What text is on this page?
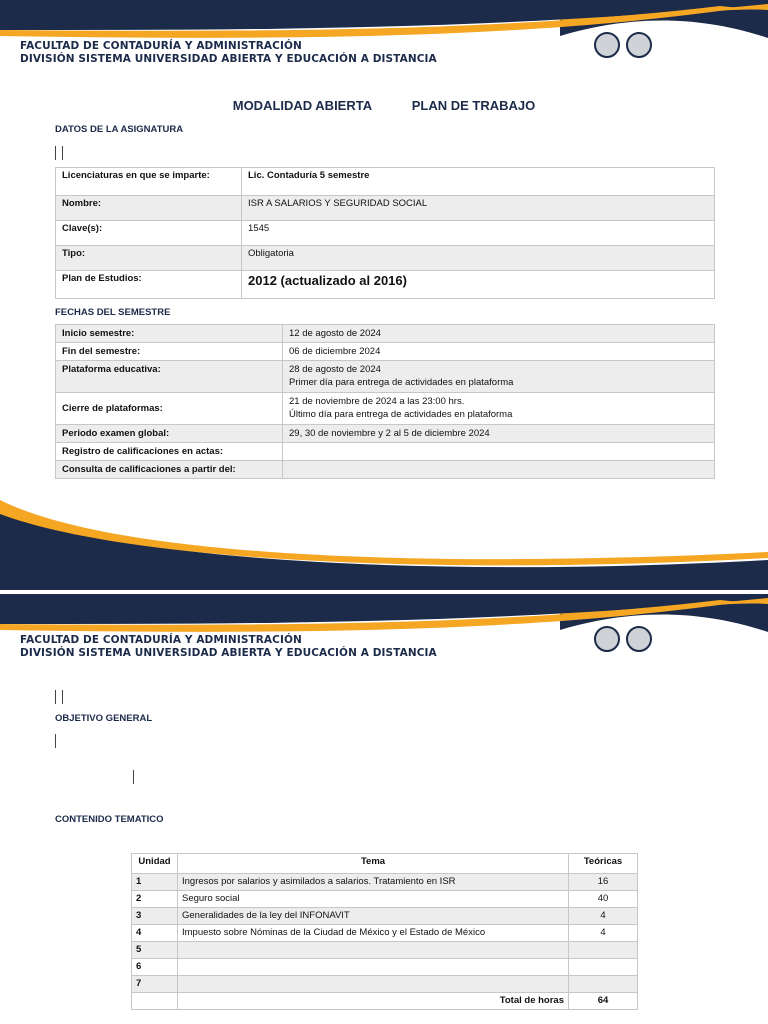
FACULTAD DE CONTADURÍA Y ADMINISTRACIÓN
DIVISIÓN SISTEMA UNIVERSIDAD ABIERTA Y EDUCACIÓN A DISTANCIA
SUAYED
MODALIDAD ABIERTA	PLAN DE TRABAJO
DATOS DE LA ASIGNATURA
Licenciaturas en que se imparte:	Lic. Contaduría 5 semestre
Nombre:	ISR A SALARIOS Y SEGURIDAD SOCIAL
Clave(s):	1545
Tipo:	Obligatoria
Plan de Estudios:	2012 (actualizado al 2016)
FECHAS DEL SEMESTRE
Inicio semestre:	12 de agosto de 2024
Fin del semestre:	06 de diciembre 2024
Plataforma educativa:	28 de agosto de 2024
Primer día para entrega de actividades en plataforma

Cierre de plataformas:	21 de noviembre de 2024 a las 23:00 hrs.
Último día para entrega de actividades en plataforma

Periodo examen global:	29, 30 de noviembre y 2 al 5 de diciembre 2024
Registro de calificaciones en actas:	
Consulta de calificaciones a partir del:	
FACULTAD DE CONTADURÍA Y ADMINISTRACIÓN
DIVISIÓN SISTEMA UNIVERSIDAD ABIERTA Y EDUCACIÓN A DISTANCIA
SUAYED
OBJETIVO GENERAL
CONTENIDO TEMATICO
Unidad	Tema	Teóricas
1	Ingresos por salarios y asimilados a salarios. Tratamiento en ISR	16
2	Seguro social	40
3	Generalidades de la ley del INFONAVIT	4
4	Impuesto sobre Nóminas de la Ciudad de México y el Estado de México	4
5		
6		
7		
	Total de horas	64
